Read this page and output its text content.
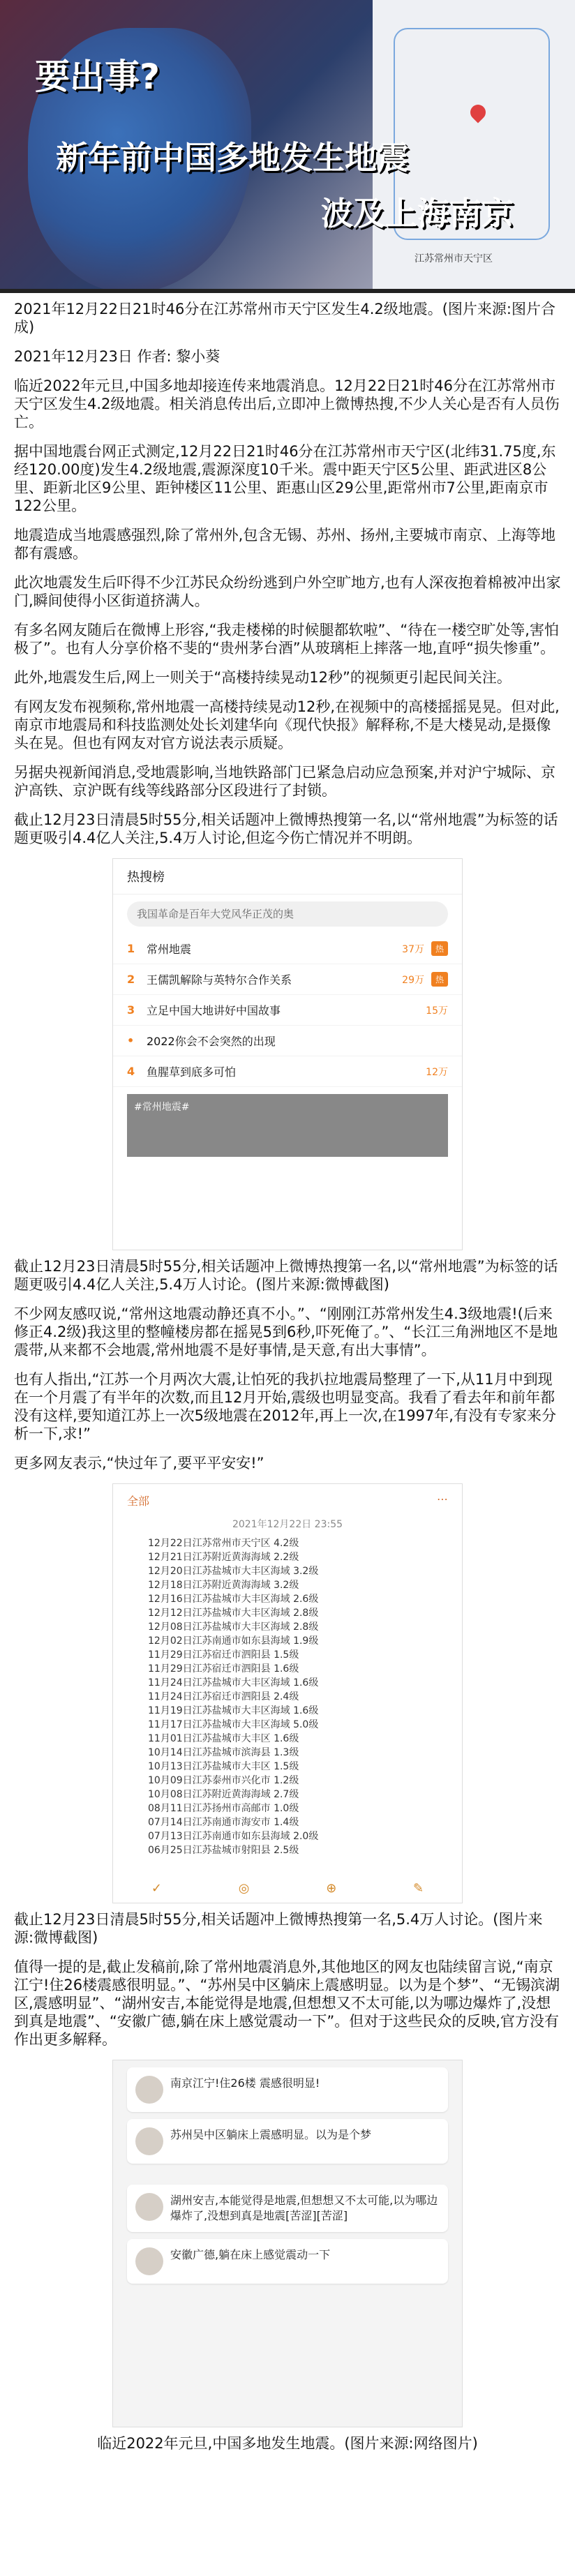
江苏常州市天宁区
要出事?
新年前中国多地发生地震
波及上海南京

2021年12月22日21时46分在江苏常州市天宁区发生4.2级地震。(图片来源:图片合成)

2021年12月23日 作者: 黎小葵

临近2022年元旦,中国多地却接连传来地震消息。12月22日21时46分在江苏常州市天宁区发生4.2级地震。相关消息传出后,立即冲上微博热搜,不少人关心是否有人员伤亡。

据中国地震台网正式测定,12月22日21时46分在江苏常州市天宁区(北纬31.75度,东经120.00度)发生4.2级地震,震源深度10千米。震中距天宁区5公里、距武进区8公里、距新北区9公里、距钟楼区11公里、距惠山区29公里,距常州市7公里,距南京市122公里。

地震造成当地震感强烈,除了常州外,包含无锡、苏州、扬州,主要城市南京、上海等地都有震感。

此次地震发生后吓得不少江苏民众纷纷逃到户外空旷地方,也有人深夜抱着棉被冲出家门,瞬间使得小区街道挤满人。

有多名网友随后在微博上形容,“我走楼梯的时候腿都软啦”、“待在一楼空旷处等,害怕极了”。也有人分享价格不斐的“贵州茅台酒”从玻璃柜上摔落一地,直呼“损失惨重”。

此外,地震发生后,网上一则关于“高楼持续晃动12秒”的视频更引起民间关注。

有网友发布视频称,常州地震一高楼持续晃动12秒,在视频中的高楼摇摇晃晃。但对此,南京市地震局和科技监测处处长刘建华向《现代快报》解释称,不是大楼晃动,是摄像头在晃。但也有网友对官方说法表示质疑。

另据央视新闻消息,受地震影响,当地铁路部门已紧急启动应急预案,并对沪宁城际、京沪高铁、京沪既有线等线路部分区段进行了封锁。

截止12月23日清晨5时55分,相关话题冲上微博热搜第一名,以“常州地震”为标签的话题更吸引4.4亿人关注,5.4万人讨论,但迄今伤亡情况并不明朗。

热搜榜
我国革命是百年大党风华正茂的奥
1	常州地震	37万	热
2	王儒凯解除与英特尔合作关系	29万	热
3	立足中国大地讲好中国故事	15万
•	2022你会不会突然的出现
4	鱼腥草到底多可怕	12万
#常州地震#

截止12月23日清晨5时55分,相关话题冲上微博热搜第一名,以“常州地震”为标签的话题更吸引4.4亿人关注,5.4万人讨论。(图片来源:微博截图)

不少网友感叹说,“常州这地震动静还真不小。”、“刚刚江苏常州发生4.3级地震!(后来修正4.2级)我这里的整幢楼房都在摇晃5到6秒,吓死俺了。”、“长江三角洲地区不是地震带,从来都不会地震,常州地震不是好事情,是天意,有出大事情”。

也有人指出,“江苏一个月两次大震,让怕死的我扒拉地震局整理了一下,从11月中到现在一个月震了有半年的次数,而且12月开始,震级也明显变高。我看了看去年和前年都没有这样,要知道江苏上一次5级地震在2012年,再上一次,在1997年,有没有专家来分析一下,求!”

更多网友表示,“快过年了,要平平安安!”

全部	⋯
2021年12月22日 23:55
12月22日江苏常州市天宁区 4.2级
12月21日江苏附近黄海海域 2.2级
12月20日江苏盐城市大丰区海域 3.2级
12月18日江苏附近黄海海域 3.2级
12月16日江苏盐城市大丰区海域 2.6级
12月12日江苏盐城市大丰区海域 2.8级
12月08日江苏盐城市大丰区海域 2.8级
12月02日江苏南通市如东县海域 1.9级
11月29日江苏宿迁市泗阳县 1.5级
11月29日江苏宿迁市泗阳县 1.6级
11月24日江苏盐城市大丰区海域 1.6级
11月24日江苏宿迁市泗阳县 2.4级
11月19日江苏盐城市大丰区海域 1.6级
11月17日江苏盐城市大丰区海域 5.0级
11月01日江苏盐城市大丰区 1.6级
10月14日江苏盐城市滨海县 1.3级
10月13日江苏盐城市大丰区 1.5级
10月09日江苏泰州市兴化市 1.2级
10月08日江苏附近黄海海域 2.7级
08月11日江苏扬州市高邮市 1.0级
07月14日江苏南通市海安市 1.4级
07月13日江苏南通市如东县海域 2.0级
06月25日江苏盐城市射阳县 2.5级
✓	◎	⊕	✎

截止12月23日清晨5时55分,相关话题冲上微博热搜第一名,5.4万人讨论。(图片来源:微博截图)

值得一提的是,截止发稿前,除了常州地震消息外,其他地区的网友也陆续留言说,“南京江宁!住26楼震感很明显。”、“苏州吴中区躺床上震感明显。以为是个梦”、“无锡滨湖区,震感明显”、“湖州安吉,本能觉得是地震,但想想又不太可能,以为哪边爆炸了,没想到真是地震”、“安徽广德,躺在床上感觉震动一下”。但对于这些民众的反映,官方没有作出更多解释。

南京江宁!住26楼 震感很明显!
苏州吴中区躺床上震感明显。以为是个梦
湖州安吉,本能觉得是地震,但想想又不太可能,以为哪边爆炸了,没想到真是地震[苦涩][苦涩]
安徽广德,躺在床上感觉震动一下

临近2022年元旦,中国多地发生地震。(图片来源:网络图片)
